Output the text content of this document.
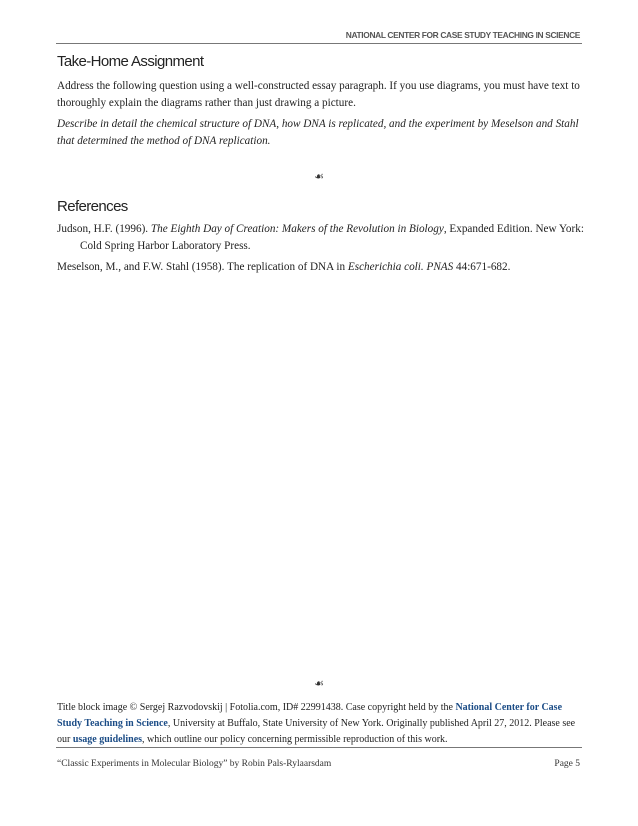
NATIONAL CENTER FOR CASE STUDY TEACHING IN SCIENCE
Take-Home Assignment

Address the following question using a well-constructed essay paragraph. If you use diagrams, you must have text to thoroughly explain the diagrams rather than just drawing a picture.

Describe in detail the chemical structure of DNA, how DNA is replicated, and the experiment by Meselson and Stahl that determined the method of DNA replication.

☙
References

Judson, H.F. (1996). The Eighth Day of Creation: Makers of the Revolution in Biology, Expanded Edition. New York: Cold Spring Harbor Laboratory Press.

Meselson, M., and F.W. Stahl (1958). The replication of DNA in Escherichia coli. PNAS 44:671-682.

☙

Title block image © Sergej Razvodovskij | Fotolia.com, ID# 22991438. Case copyright held by the National Center for Case Study Teaching in Science, University at Buffalo, State University of New York. Originally published April 27, 2012. Please see our usage guidelines, which outline our policy concerning permissible reproduction of this work.

“Classic Experiments in Molecular Biology” by Robin Pals-Rylaarsdam	Page 5
